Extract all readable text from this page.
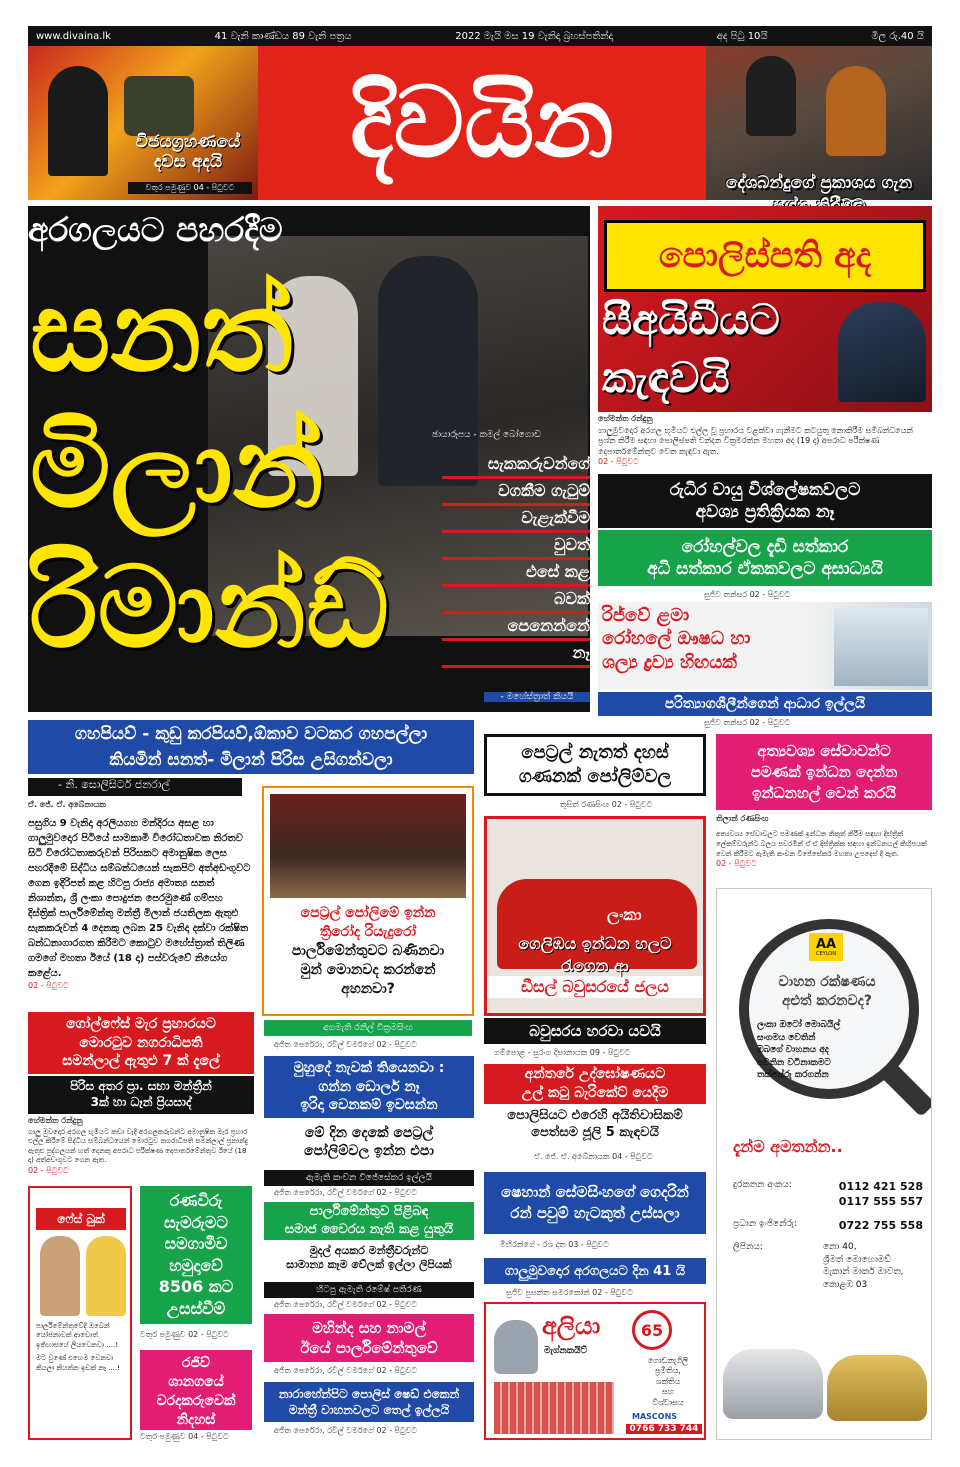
www.divaina.lk	41 වැනි කාණ්ඩය 89 වැනි පත්‍රය	2022 මැයි මස 19 වැනිදා බ්‍රහස්පතින්දා	අද පිටු 10යි	මිල රු.40 යි
විජයග්‍රහණයේ දවස අදයි
වතුර පමුණුව 04 - පිටුවට
දිවයින
දේශබන්දුගේ ප්‍රකාශය ගැන
අරගලයට පහරදීම
සනත්
මිලාන්
රිමාන්ඩ්
ඡායාරූපය - කමල් බෝගොඩ
සැකකරුවන්ගේ
වගකීම ගැටුම්
වැළැක්වීම
වුවත්
එසේ කළ
බවක්
පෙනෙන්නේ
නෑ
- මහේස්ත්‍රාත් කියයි
පොලිස්පති අද
සීඅයිඩීයට
කැඳවයි
හේමන්ත රන්දුනු
ගාලුමුවදොර අරගල භූමියට එල්ල වූ ප්‍රහාරය වළක්වා ගැනීමට කටයුතු නොකිරීම සම්බන්ධයෙන් ප්‍රශ්න කිරීම සඳහා පොලිස්පති චන්දන වික්‍රමරත්න මහතා අද (19 දා) අපරාධ පරීක්ෂණ දෙපාර්තමේන්තුව වෙත කැඳවා ඇත.
02 - පිටුවට
රුධිර වායු විශ්ලේෂකවලට
අවශ්‍ය ප්‍රතික්‍රියක නෑ
රෝහල්වල දැඩි සත්කාර
අධි සත්කාර ඒකකවලට අසාධ්‍යයි
සුජිව තන්සර 02 - පිටුවට
රිජ්වේ ළමා
රෝහලේ ඖෂධ හා
ශල්‍ය ද්‍රව්‍ය හිඟයක්
පරිත්‍යාගශීලීන්ගෙන් ආධාර ඉල්ලයි
සුජිව තන්සර 02 - පිටුවට
ගහපියව් - කුඩු කරපියව්,ඕකාව වටකර ගහපල්ලා
කියමින් සනත්- මිලාන් පිරිස උසිගන්වලා
- නි. සොලිසිටර් ජනරාල්
ඒ. ජේ. ඒ. අබේනායක
පසුගිය 9 වැනිදා අරලියගහ මන්දිරය අසළ හා ගාලුමුවදොර පිටියේ සාමකාමී විරෝධතාවක නිරතව සිටි විරෝධතාකරුවන් පිරිසකට අමානුෂික ලෙස පහරදීමේ සිද්ධිය සම්බන්ධයෙන් සැකපිට අත්අඩංගුවට ගෙන ඉදිරිපත් කළ හිටපු රාජ්‍ය අමාත්‍ය සනත් නිශාන්ත, ශ්‍රී ලංකා පොදුජන පෙරමුණේ ගම්පහ දිස්ත්‍රික් පාර්ලිමේන්තු මන්ත්‍රී මිලාන් ජයතිලක ඇතුළු සැකකරුවන් 4 දෙනකු ලබන 25 වැනිදා දක්වා රක්ෂිත බන්ධනාගාරගත කිරීමට කොටුව මහේස්ත්‍රාත් තිලිණ ගමගේ මහතා ඊයේ (18 දා) පස්වරුවේ නියෝග කළේය.
02 - පිටුවට
ගෝල්ෆේස් මැර ප්‍රහාරයට
මොරටුව නගරාධිපති
සමන්ලාල් ඇතුළු 7 ක් දැලේ
පිරිස අතර ප්‍රා. සභා මන්ත්‍රීන්
3ක් හා ධෑන් ප්‍රියසාද්
හේමන්ත රන්දුනු
ගාලු මුවදොර අරගල භූමියට කඩා වැදී අරගලකරුවන්ට අමානුෂික මැර ප්‍රහාර එල්ල කිරීමේ සිද්ධිය සම්බන්ධයෙන් මොරටුව නගරාධිපති සමන්ලාල් ප්‍රනාන්දු ඇතුළු පුද්ගලයන් හත් දෙනකු අපරාධ පරීක්ෂණ දෙපාර්තමේන්තුව ඊයේ (18 දා) අත්අඩංගුවට ගෙන ඇත.
02 - පිටුවට
ෆේස් බුක්
පාර්ලිමේන්තුවේදී ඔබෙන් යෝජනාවක් ආවොත් ඉතිහාසයේ ලියවෙනවා ....!
මට වුණේ එහෙම වෙනවා කියලා කියන්න ඉඩක් නෑ ....!
රණවිරු
සැමරුමට
සමගාමීව
හමුදාවේ
8506 කට
උසස්වීම්
වතුර පමුණුව 02 - පිටුවට
රජිව්
ශානගයේ
වරදකරුවෙක්
නිදහස්
වතුර පමුණුව 04 - පිටුවට
පෙට්‍රල් පෝලිමේ ඉන්න
ත්‍රිරෝද රියැදුරෝ
පාර්ලිමේන්තුවට බණිනවා
මුන් මොනවද කරන්නේ
අහනවා?
අගමැති රනිල් වික්‍රමසිංහ
අජිත පෙරේරා, රවිල් වර්මගේ 02 - පිටුවට
මුහුදේ නැවක් තියෙනවා :
ගන්න ඩොලර් නෑ
ඉරිදා වෙනකම් ඉවසන්න
මේ දින දෙකේ පෙට්‍රල්
පෝලිම්වල ඉන්න එපා
ඇමැති කංචන විජේසේකර ඉල්ලයි
අජිත පෙරේරා, රවිල් වර්මගේ 02 - පිටුවට
පාර්ලිමේන්තුව පිළිබඳ
සමාජ වෛරය නැති කළ යුතුයි
මුදල් අයකර මන්ත්‍රීවරුන්ට
සාමාන්‍ය කෑම වේලක් ඉල්ලා ලිපියක්
හිටපු ඇමැති රමේෂ් පතිරණ
අජිත පෙරේරා, රවිල් වර්මගේ 02 - පිටුවට
මහින්ද සහ නාමල්
ඊයේ පාර්ලිමේන්තුවේ
අජිත පෙරේරා, රවිල් වර්මගේ 02 - පිටුවට
නාරාහේන්පිට පොලිස් ෂෙඩ් එකෙන්
මන්ත්‍රී වාහනවලට තෙල් ඉල්ලයි
අජිත පෙරේරා, රවිල් වර්මගේ 02 - පිටුවට
පෙට්‍රල් නැතත් දහස්
ගණනක් පෝලිම්වල
තුසිත් රණසිංහ 02 - පිටුවට
ලංකා
ගෙලිඹය ඉන්ධන හලට
රැගෙන ආ
ඩීසල් බවුසරයේ ජලය
බවුසරය හරවා යවයි
ගම්පොළ - සුරංග දිසානායක 09 - පිටුවට
අන්තරේ උද්ඝෝෂණයට
උල් කටු බැරිකේට් යෙදීම
පොලිසියට එරෙහි අයිතිවාසිකම්
පෙත්සම ජූලි 5 කැඳවයි
ඒ. ජේ. ඒ. අබේනායක 04 - පිටුවට
ෂෙහාන් සේමසිංහගේ ගෙදරින්
රන් පවුම් හැටකුත් උස්සලා
මිහිරන්ගේ - රශ දත 03 - පිටුවට
ගාලුමුවදොර අරගලයට දින 41 යි
සුජිව පුසන්ත සමරකෝන් 02 - පිටුවට
අලියා
මැග්නකයිට්
65
ගොඩනැගිලි
ප්‍රමිතිය,
ශක්තිය
සහ
විශ්වාසය
MASCONS
0766 733 744
අත්‍යවශ්‍ය සේවාවන්ට
පමණක් ඉන්ධන දෙන්න
ඉන්ධනහල් වෙන් කරයි
තිලාන් රණසිංහ
අත්‍යවශ්‍ය සේවාවලට පමණක් ඉන්ධන නිකුත් කිරීම සඳහා දිස්ත්‍රික් ලේකම්වරුන්ට බලය පවරමින් ඒ ඒ දිස්ත්‍රික්ක සඳහා ඉන්ධනහල් කිහිපයක් වෙන් කිරීමට ඇමැති කංචන විජේසේකර මහතා උපදෙස් දී ඇත.
02 - පිටුවට
AA
CEYLON
වාහන රක්ෂණය
අළුත් කරනවද?
ලංකා ඔටෝ මොබයිල්
සංගමය වෙතින්
ඔබගේ වාහනය අද
පවතින වටිනාකමට
තක්සේරු කරගන්න
දැන්ම අමතන්න..
දුරකතන අංකය:	0112 421 528
0117 555 557
ප්‍රධාන ඉංජිනේරු:	0722 755 558
ලිපිනය:	නො 40,
ශ්‍රීමත් මොහොමඩ්
මැකාන් මාකර් මාවත,
කොළඹ 03
